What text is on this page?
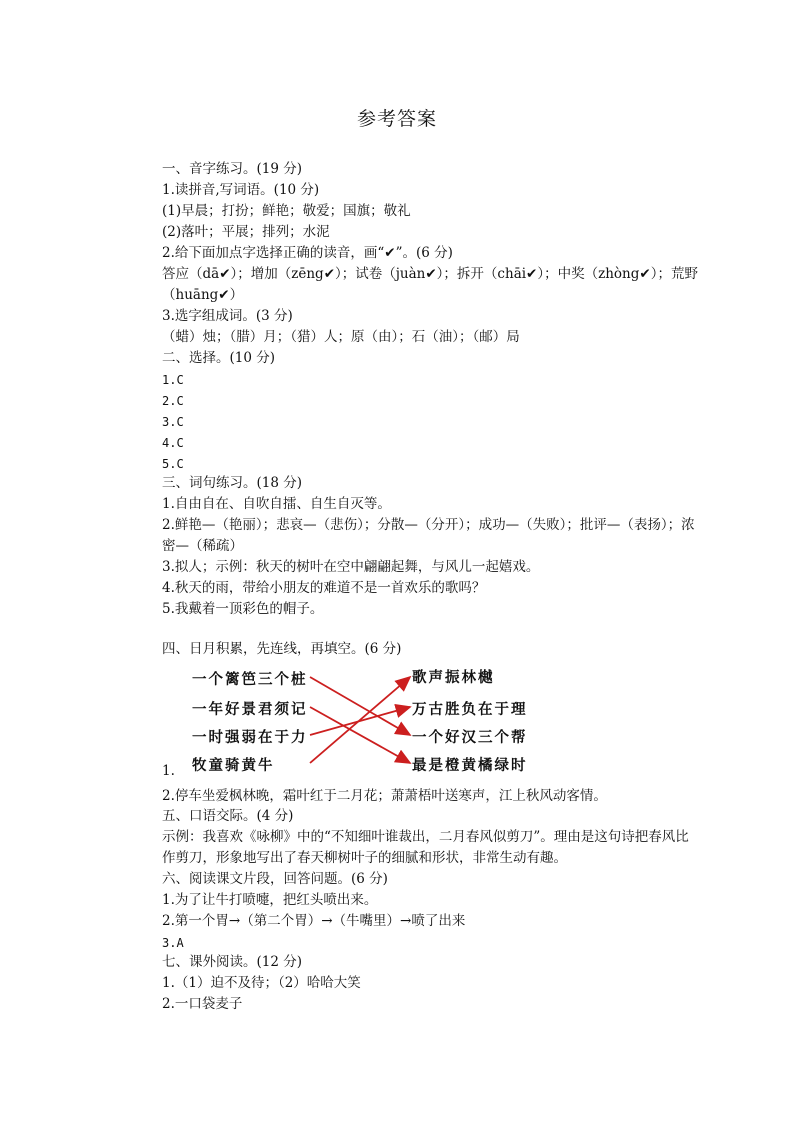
参考答案
一、音字练习。(19 分)
1.读拼音,写词语。(10 分)
(1)早晨；打扮；鲜艳；敬爱；国旗；敬礼
(2)落叶；平展；排列；水泥
2.给下面加点字选择正确的读音，画“✔”。(6 分)
答应（dā✔）；增加（zēng✔）；试卷（juàn✔）；拆开（chāi✔）；中奖（zhòng✔）；荒野
（huāng✔）
3.选字组成词。(3 分)
（蜡）烛；（腊）月；（猎）人；原（由）；石（油）；（邮）局
二、选择。(10 分)
1.C
2.C
3.C
4.C
5.C
三、词句练习。(18 分)
1.自由自在、自吹自擂、自生自灭等。
2.鲜艳—（艳丽）；悲哀—（悲伤）；分散—（分开）；成功—（失败）；批评—（表扬）；浓
密—（稀疏）
3.拟人；示例：秋天的树叶在空中翩翩起舞，与风儿一起嬉戏。
4.秋天的雨，带给小朋友的难道不是一首欢乐的歌吗？
5.我戴着一顶彩色的帽子。
四、日月积累，先连线，再填空。(6 分)
一个篱笆三个桩
一年好景君须记
一时强弱在于力
牧童骑黄牛
歌声振林樾
万古胜负在于理
一个好汉三个帮
最是橙黄橘绿时
1.
2.停车坐爱枫林晚，霜叶红于二月花；萧萧梧叶送寒声，江上秋风动客情。
五、口语交际。(4 分)
示例：我喜欢《咏柳》中的“不知细叶谁裁出，二月春风似剪刀”。理由是这句诗把春风比
作剪刀，形象地写出了春天柳树叶子的细腻和形状，非常生动有趣。
六、阅读课文片段，回答问题。(6 分)
1.为了让牛打喷嚏，把红头喷出来。
2.第一个胃→（第二个胃）→（牛嘴里）→喷了出来
3.A
七、课外阅读。(12 分)
1.（1）迫不及待；（2）哈哈大笑
2.一口袋麦子
